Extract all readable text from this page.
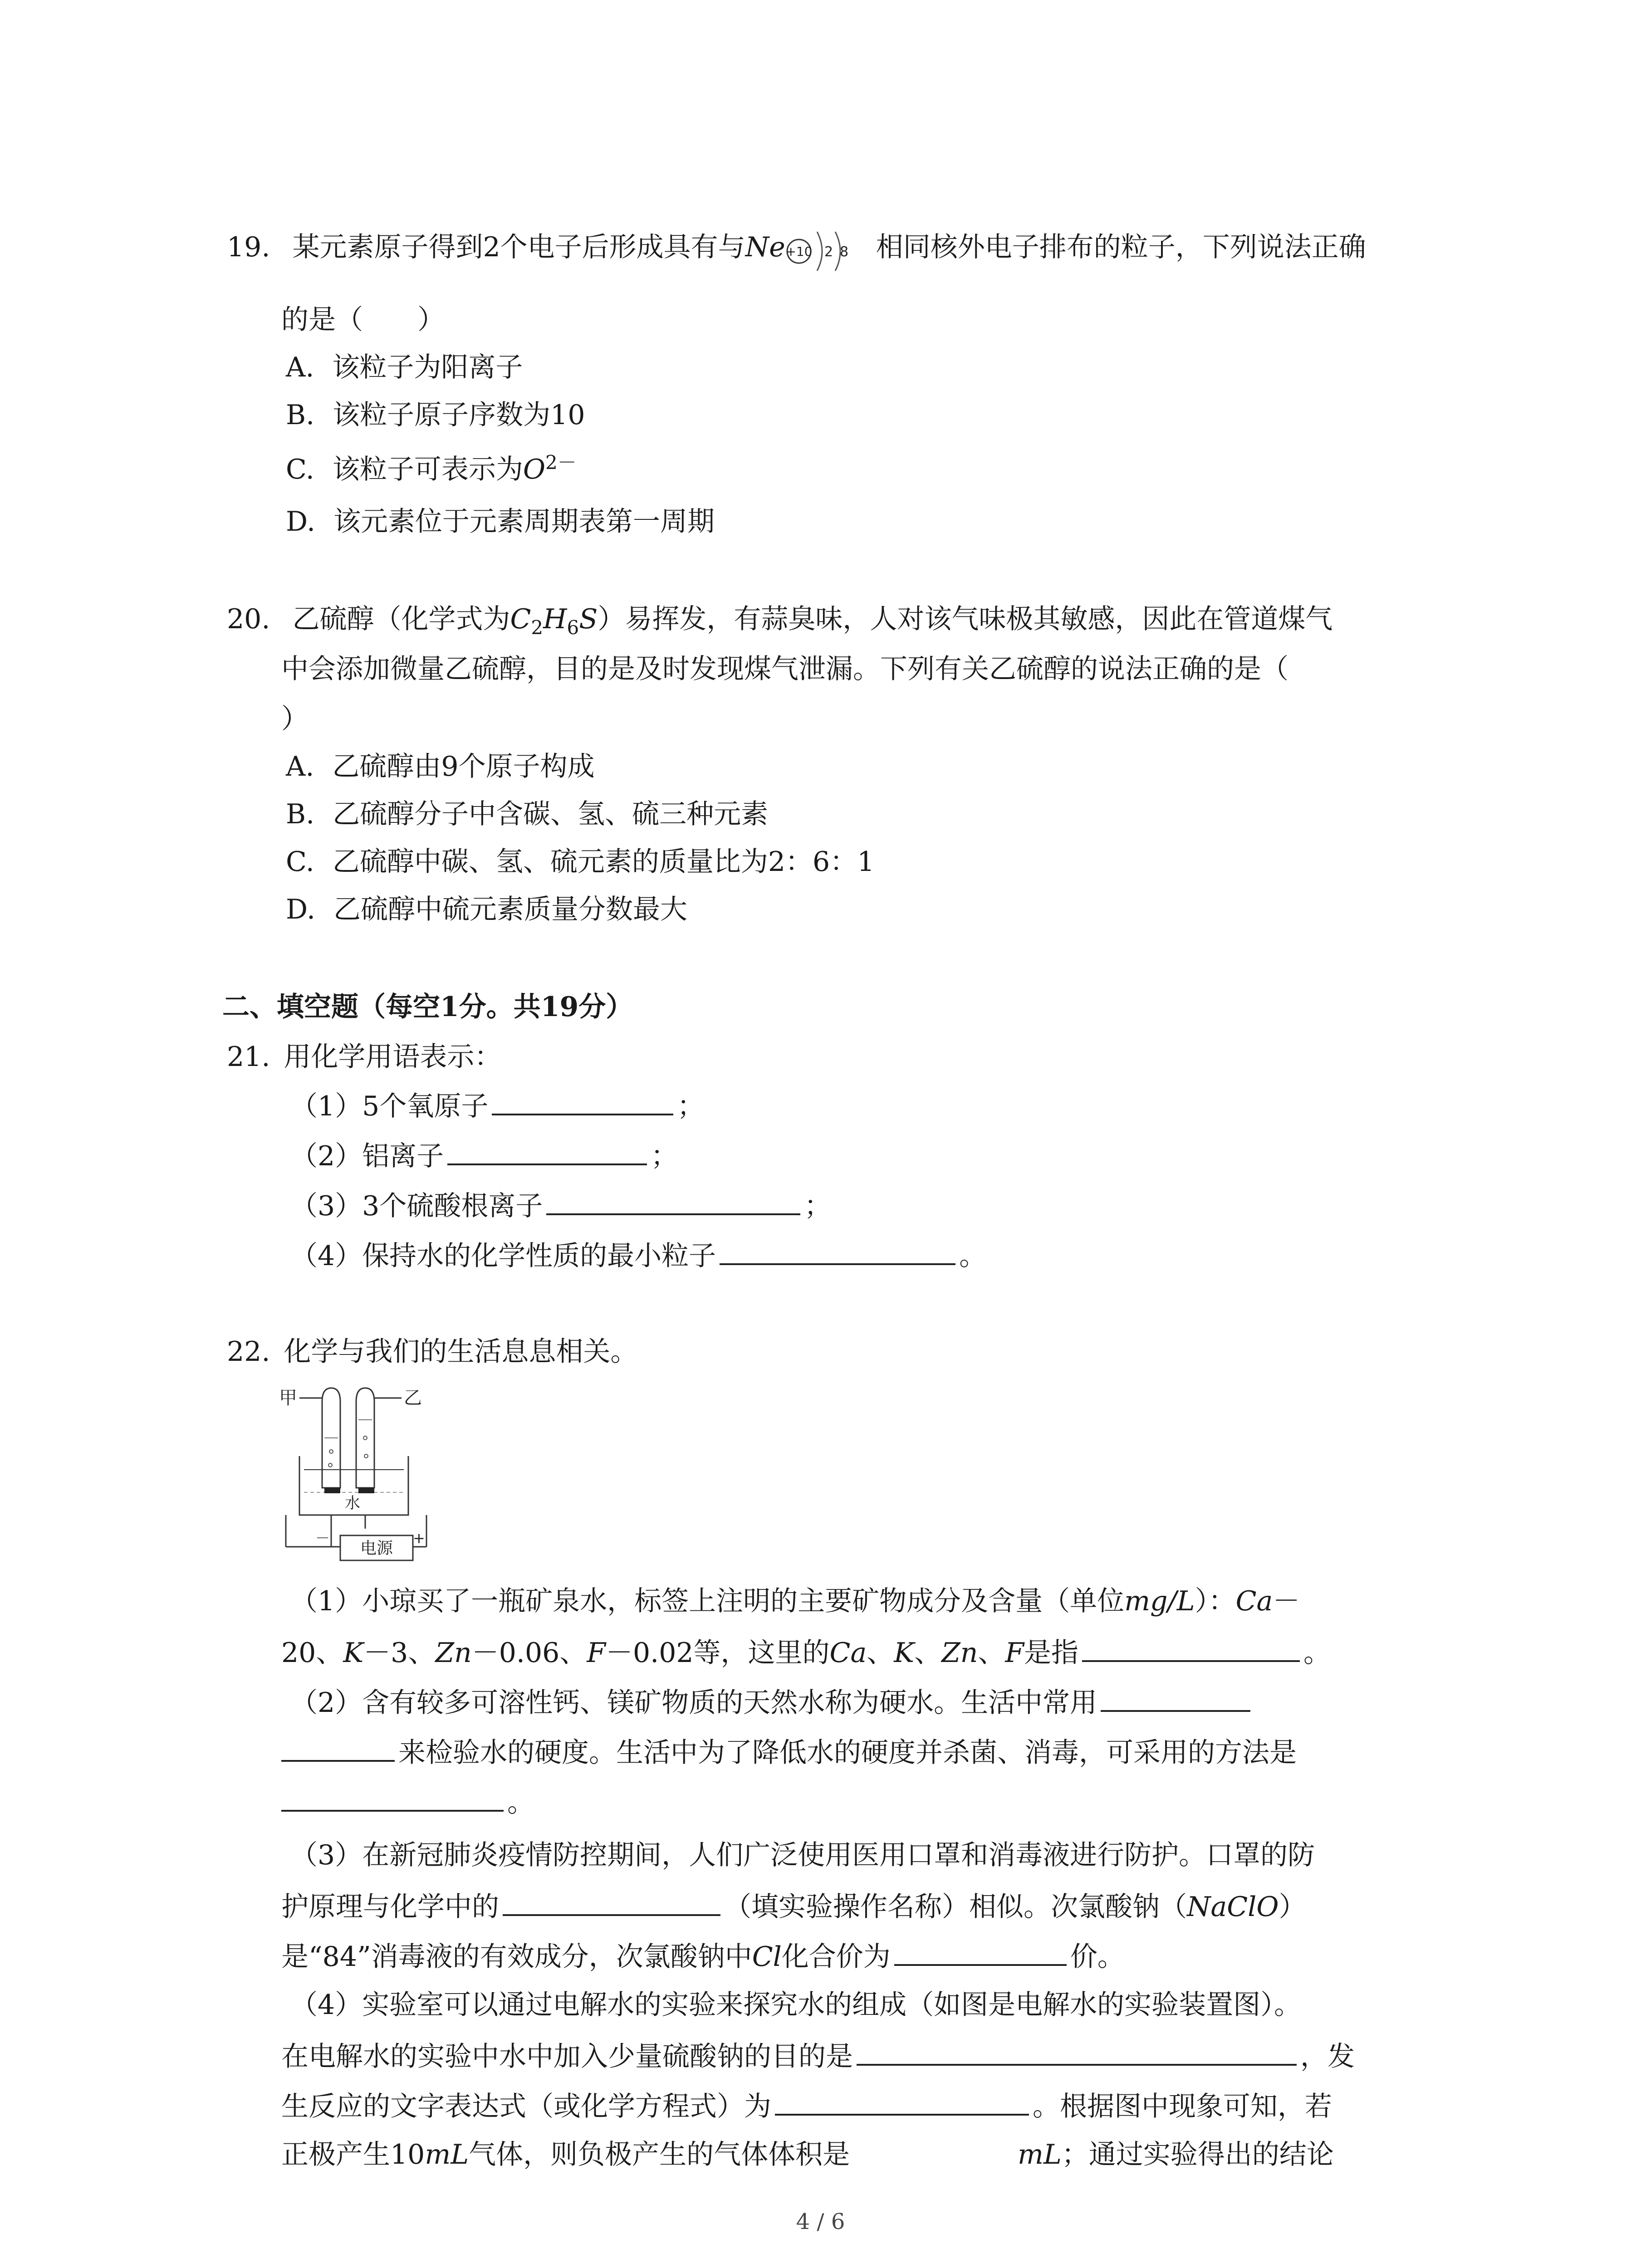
19. 某元素原子得到2个电子后形成具有与Ne +10 2 8 相同核外电子排布的粒子，下列说法正确
的是（　　）
A. 该粒子为阳离子
B. 该粒子原子序数为10
C. 该粒子可表示为$O^{2-}$
D. 该元素位于元素周期表第一周期
20. 乙硫醇（化学式为$C_2H_6S$）易挥发，有蒜臭味，人对该气味极其敏感，因此在管道煤气
中会添加微量乙硫醇，目的是及时发现煤气泄漏。下列有关乙硫醇的说法正确的是（
）
A. 乙硫醇由9个原子构成
B. 乙硫醇分子中含碳、氢、硫三种元素
C. 乙硫醇中碳、氢、硫元素的质量比为2：6：1
D. 乙硫醇中硫元素质量分数最大
二、填空题（每空1分。共19分）
21. 用化学用语表示：
（1）5个氧原子	；
（2）铝离子	；
（3）3个硫酸根离子	；
（4）保持水的化学性质的最小粒子	。
22. 化学与我们的生活息息相关。
甲	乙
水
－	+
电源
（1）小琼买了一瓶矿泉水，标签上注明的主要矿物成分及含量（单位mg/L）：Ca－
20、K－3、Zn－0.06、F－0.02等，这里的Ca、K、Zn、F是指	。
（2）含有较多可溶性钙、镁矿物质的天然水称为硬水。生活中常用
来检验水的硬度。生活中为了降低水的硬度并杀菌、消毒，可采用的方法是
。
（3）在新冠肺炎疫情防控期间，人们广泛使用医用口罩和消毒液进行防护。口罩的防
护原理与化学中的	（填实验操作名称）相似。次氯酸钠（NaClO）
是“84”消毒液的有效成分，次氯酸钠中Cl化合价为	价。
（4）实验室可以通过电解水的实验来探究水的组成（如图是电解水的实验装置图）。
在电解水的实验中水中加入少量硫酸钠的目的是	，发
生反应的文字表达式（或化学方程式）为	。根据图中现象可知，若
正极产生10mL气体，则负极产生的气体体积是	mL；通过实验得出的结论
4 / 6
